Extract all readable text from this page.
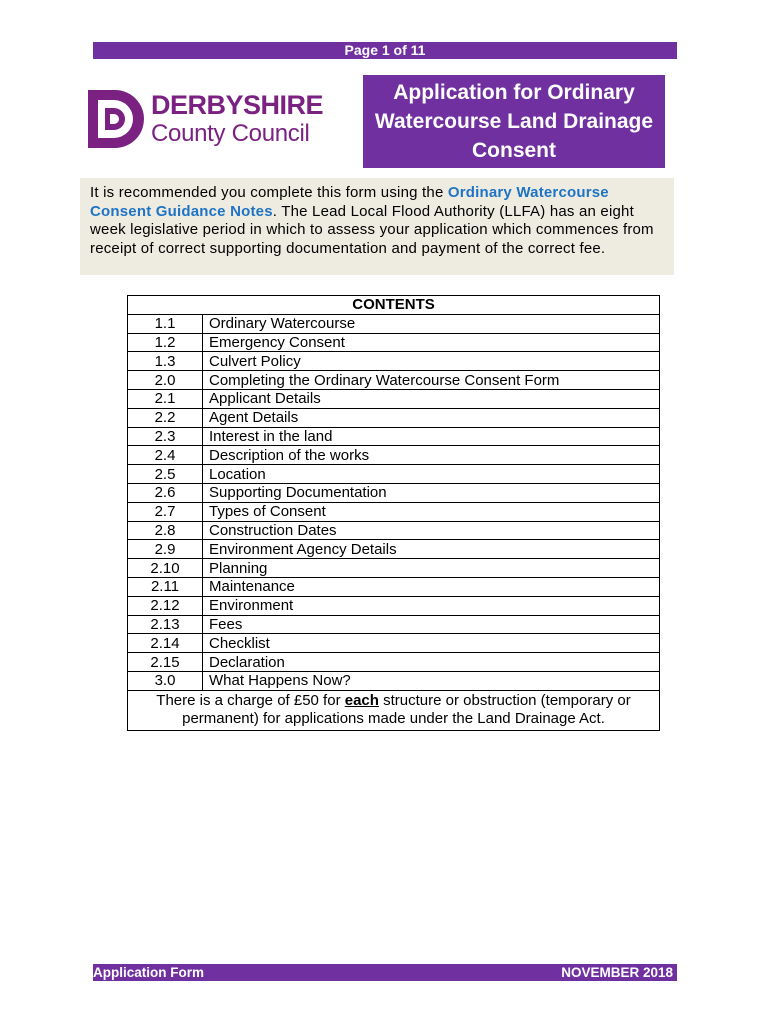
Page 1 of 11
DERBYSHIRE
County Council
Application for Ordinary Watercourse Land Drainage Consent
It is recommended you complete this form using the Ordinary Watercourse Consent Guidance Notes. The Lead Local Flood Authority (LLFA) has an eight week legislative period in which to assess your application which commences from receipt of correct supporting documentation and payment of the correct fee.
CONTENTS	
1.1	Ordinary Watercourse
1.2	Emergency Consent
1.3	Culvert Policy
2.0	Completing the Ordinary Watercourse Consent Form
2.1	Applicant Details
2.2	Agent Details
2.3	Interest in the land
2.4	Description of the works
2.5	Location
2.6	Supporting Documentation
2.7	Types of Consent
2.8	Construction Dates
2.9	Environment Agency Details
2.10	Planning
2.11	Maintenance
2.12	Environment
2.13	Fees
2.14	Checklist
2.15	Declaration
3.0	What Happens Now?
There is a charge of £50 for each structure or obstruction (temporary or permanent) for applications made under the Land Drainage Act.	
Application Form	NOVEMBER 2018
